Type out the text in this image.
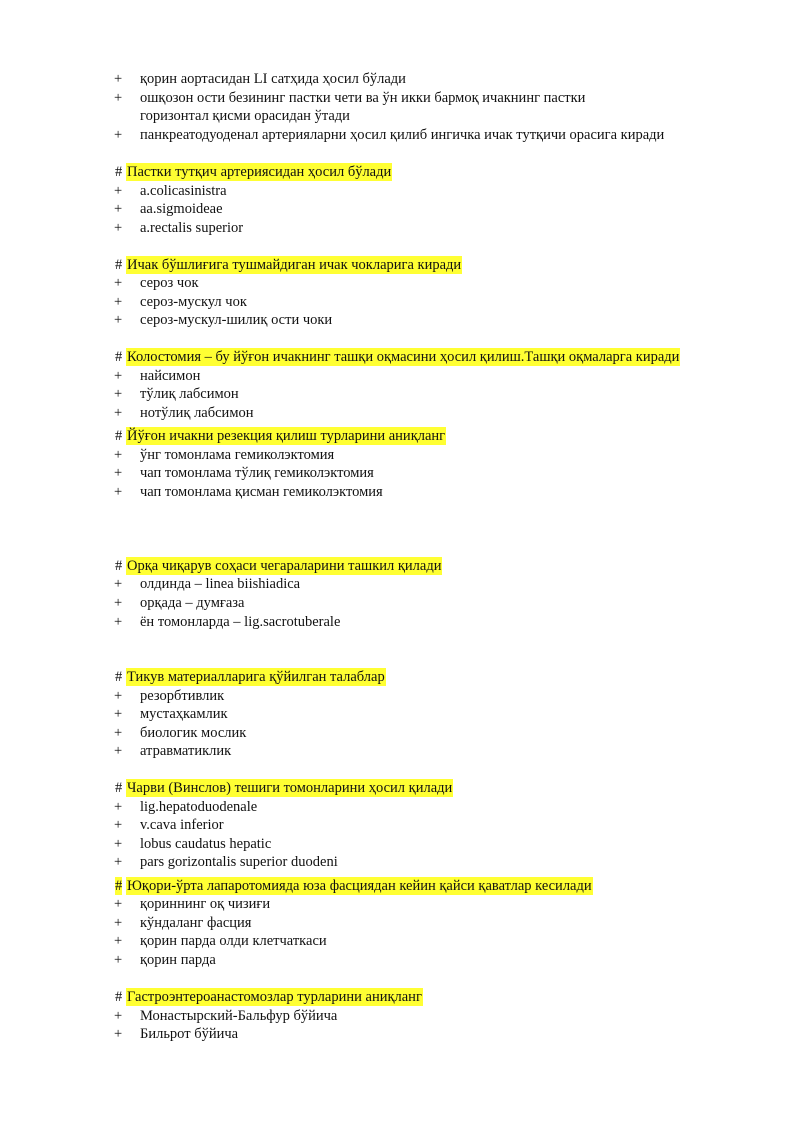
+ қорин аортасидан LI сатҳида ҳосил бўлади
+ ошқозон ости безининг пастки чети ва ўн икки бармоқ ичакнинг пастки
горизонтал қисми орасидан ўтади
+ панкреатодуоденал артерияларни ҳосил қилиб ингичка ичак тутқичи орасига киради
# Пастки тутқич артериясидан ҳосил бўлади
+ a.colicasinistra
+ aa.sigmoideae
+ a.rectalis superior
# Ичак бўшлиғига тушмайдиган ичак чокларига киради
+ сероз чок
+ сероз-мускул чок
+ сероз-мускул-шилиқ ости чоки
# Колостомия – бу йўғон ичакнинг ташқи оқмасини ҳосил қилиш.Ташқи оқмаларга киради
+ найсимон
+ тўлиқ лабсимон
+ нотўлиқ лабсимон
# Йўғон ичакни резекция қилиш турларини аниқланг
+ ўнг томонлама гемиколэктомия
+ чап томонлама тўлиқ гемиколэктомия
+ чап томонлама қисман гемиколэктомия
# Орқа чиқарув соҳаси чегараларини ташкил қилади
+ олдинда – linea biishiadica
+ орқада – думғаза
+ ён томонларда – lig.sacrotuberale
# Тикув материалларига қўйилган талаблар
+ резорбтивлик
+ мустаҳкамлик
+ биологик мослик
+ атравматиклик
# Чарви (Винслов) тешиги томонларини ҳосил қилади
+ lig.hepatoduodenale
+ v.cava inferior
+ lobus caudatus hepatic
+ pars gorizontalis superior duodeni
# Юқори-ўрта лапаротомияда юза фасциядан кейин қайси қаватлар кесилади
+ қориннинг оқ чизиғи
+ кўндаланг фасция
+ қорин парда олди клетчаткаси
+ қорин парда
# Гастроэнтероанастомозлар турларини аниқланг
+ Монастырский-Бальфур бўйича
+ Бильрот бўйича
